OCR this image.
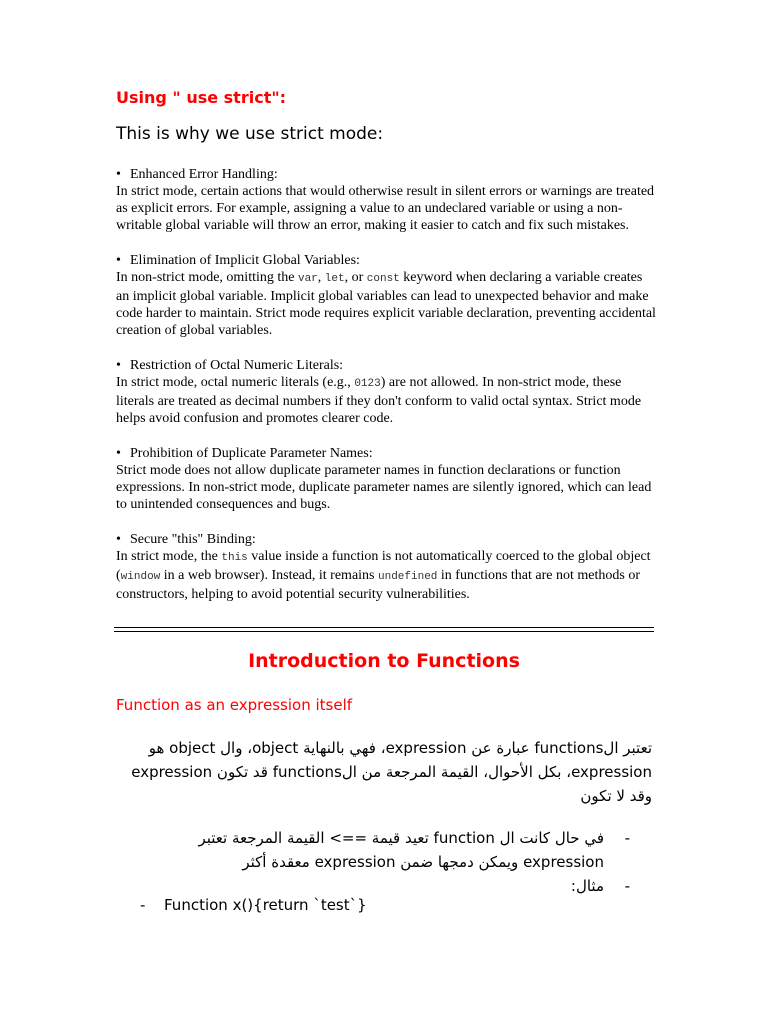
Using " use strict":
This is why we use strict mode:
• Enhanced Error Handling:
In strict mode, certain actions that would otherwise result in silent errors or warnings are treated as explicit errors. For example, assigning a value to an undeclared variable or using a non-writable global variable will throw an error, making it easier to catch and fix such mistakes.
• Elimination of Implicit Global Variables:
In non-strict mode, omitting the var, let, or const keyword when declaring a variable creates an implicit global variable. Implicit global variables can lead to unexpected behavior and make code harder to maintain. Strict mode requires explicit variable declaration, preventing accidental creation of global variables.
• Restriction of Octal Numeric Literals:
In strict mode, octal numeric literals (e.g., 0123) are not allowed. In non-strict mode, these literals are treated as decimal numbers if they don't conform to valid octal syntax. Strict mode helps avoid confusion and promotes clearer code.
• Prohibition of Duplicate Parameter Names:
Strict mode does not allow duplicate parameter names in function declarations or function expressions. In non-strict mode, duplicate parameter names are silently ignored, which can lead to unintended consequences and bugs.
• Secure "this" Binding:
In strict mode, the this value inside a function is not automatically coerced to the global object (window in a web browser). Instead, it remains undefined in functions that are not methods or constructors, helping to avoid potential security vulnerabilities.
Introduction to Functions
Function as an expression itself
تعتبر الfunctions عبارة عن expression، فهي بالنهاية object، وال object هو expression، بكل الأحوال، القيمة المرجعة من الfunctions قد تكون expression وقد لا تكون
-
في حال كانت ال function تعيد قيمة ==> القيمة المرجعة تعتبر expression ويمكن دمجها ضمن expression معقدة أكثر
-
مثال:
- Function x(){return `test`}
